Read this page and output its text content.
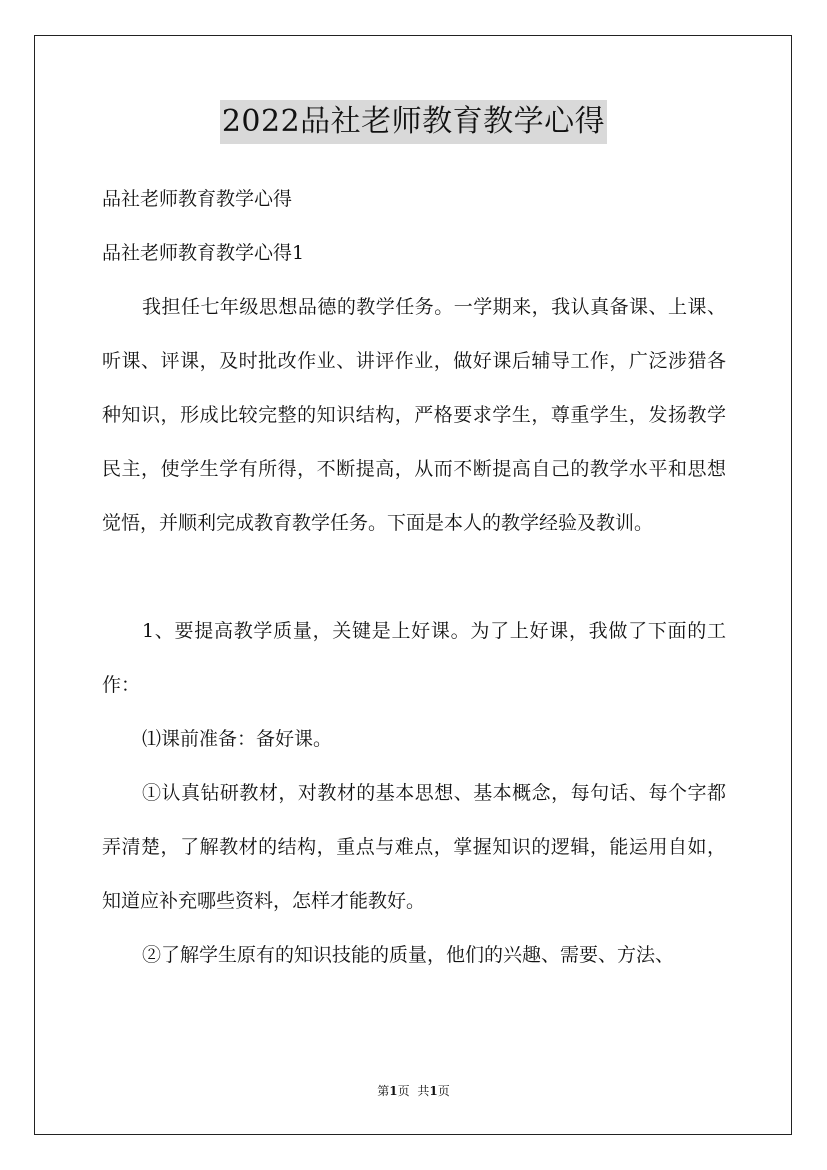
2022品社老师教育教学心得

品社老师教育教学心得

品社老师教育教学心得1

我担任七年级思想品德的教学任务。一学期来，我认真备课、上课、听课、评课，及时批改作业、讲评作业，做好课后辅导工作，广泛涉猎各种知识，形成比较完整的知识结构，严格要求学生，尊重学生，发扬教学民主，使学生学有所得，不断提高，从而不断提高自己的教学水平和思想觉悟，并顺利完成教育教学任务。下面是本人的教学经验及教训。

1、要提高教学质量，关键是上好课。为了上好课，我做了下面的工作：

⑴课前准备：备好课。

①认真钻研教材，对教材的基本思想、基本概念，每句话、每个字都弄清楚，了解教材的结构，重点与难点，掌握知识的逻辑，能运用自如，知道应补充哪些资料，怎样才能教好。

②了解学生原有的知识技能的质量，他们的兴趣、需要、方法、

第1页 共1页
